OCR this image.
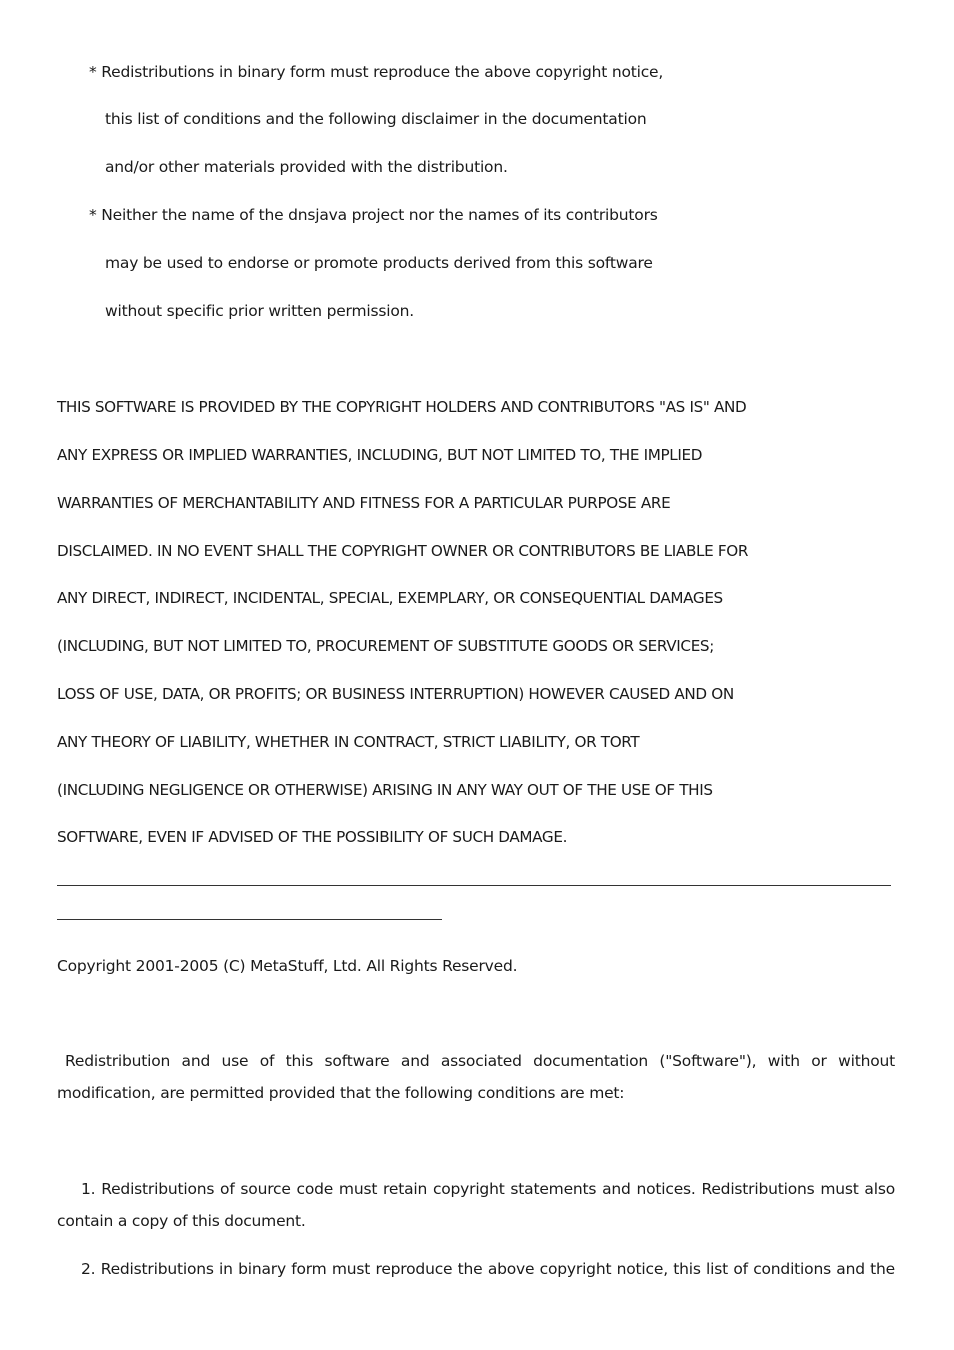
* Redistributions in binary form must reproduce the above copyright notice,
this list of conditions and the following disclaimer in the documentation
and/or other materials provided with the distribution.
* Neither the name of the dnsjava project nor the names of its contributors
may be used to endorse or promote products derived from this software
without specific prior written permission.
THIS SOFTWARE IS PROVIDED BY THE COPYRIGHT HOLDERS AND CONTRIBUTORS "AS IS" AND
ANY EXPRESS OR IMPLIED WARRANTIES, INCLUDING, BUT NOT LIMITED TO, THE IMPLIED
WARRANTIES OF MERCHANTABILITY AND FITNESS FOR A PARTICULAR PURPOSE ARE
DISCLAIMED. IN NO EVENT SHALL THE COPYRIGHT OWNER OR CONTRIBUTORS BE LIABLE FOR
ANY DIRECT, INDIRECT, INCIDENTAL, SPECIAL, EXEMPLARY, OR CONSEQUENTIAL DAMAGES
(INCLUDING, BUT NOT LIMITED TO, PROCUREMENT OF SUBSTITUTE GOODS OR SERVICES;
LOSS OF USE, DATA, OR PROFITS; OR BUSINESS INTERRUPTION) HOWEVER CAUSED AND ON
ANY THEORY OF LIABILITY, WHETHER IN CONTRACT, STRICT LIABILITY, OR TORT
(INCLUDING NEGLIGENCE OR OTHERWISE) ARISING IN ANY WAY OUT OF THE USE OF THIS
SOFTWARE, EVEN IF ADVISED OF THE POSSIBILITY OF SUCH DAMAGE.
Copyright 2001-2005 (C) MetaStuff, Ltd. All Rights Reserved.
Redistribution and use of this software and associated documentation ("Software"), with or without modification, are permitted provided that the following conditions are met:
1. Redistributions of source code must retain copyright statements and notices. Redistributions must also contain a copy of this document.
2. Redistributions in binary form must reproduce the above copyright notice, this list of conditions and the
